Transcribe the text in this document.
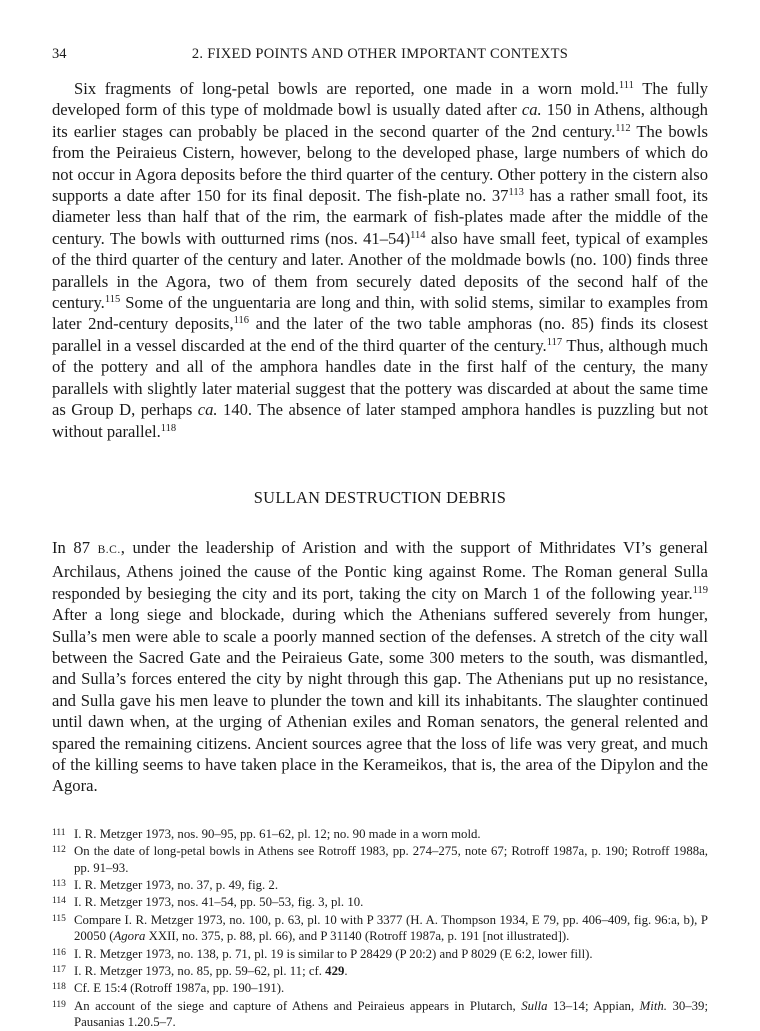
34	2. FIXED POINTS AND OTHER IMPORTANT CONTEXTS

Six fragments of long-petal bowls are reported, one made in a worn mold.$^{111}$ The fully developed form of this type of moldmade bowl is usually dated after ca. 150 in Athens, although its earlier stages can probably be placed in the second quarter of the 2nd century.$^{112}$ The bowls from the Peiraieus Cistern, however, belong to the developed phase, large numbers of which do not occur in Agora deposits before the third quarter of the century. Other pottery in the cistern also supports a date after 150 for its final deposit. The fish-plate no. $37^{113}$ has a rather small foot, its diameter less than half that of the rim, the earmark of fish-plates made after the middle of the century. The bowls with outturned rims (nos. 41–54)$^{114}$ also have small feet, typical of examples of the third quarter of the century and later. Another of the moldmade bowls (no. 100) finds three parallels in the Agora, two of them from securely dated deposits of the second half of the century.$^{115}$ Some of the unguentaria are long and thin, with solid stems, similar to examples from later 2nd-century deposits,$^{116}$ and the later of the two table amphoras (no. 85) finds its closest parallel in a vessel discarded at the end of the third quarter of the century.$^{117}$ Thus, although much of the pottery and all of the amphora handles date in the first half of the century, the many parallels with slightly later material suggest that the pottery was discarded at about the same time as Group D, perhaps ca. 140. The absence of later stamped amphora handles is puzzling but not without parallel.$^{118}$

SULLAN DESTRUCTION DEBRIS

In 87 B.C., under the leadership of Aristion and with the support of Mithridates VI’s general Archilaus, Athens joined the cause of the Pontic king against Rome. The Roman general Sulla responded by besieging the city and its port, taking the city on March 1 of the following year.$^{119}$ After a long siege and blockade, during which the Athenians suffered severely from hunger, Sulla’s men were able to scale a poorly manned section of the defenses. A stretch of the city wall between the Sacred Gate and the Peiraieus Gate, some 300 meters to the south, was dismantled, and Sulla’s forces entered the city by night through this gap. The Athenians put up no resistance, and Sulla gave his men leave to plunder the town and kill its inhabitants. The slaughter continued until dawn when, at the urging of Athenian exiles and Roman senators, the general relented and spared the remaining citizens. Ancient sources agree that the loss of life was very great, and much of the killing seems to have taken place in the Kerameikos, that is, the area of the Dipylon and the Agora.

111 I. R. Metzger 1973, nos. 90–95, pp. 61–62, pl. 12; no. 90 made in a worn mold.
112 On the date of long-petal bowls in Athens see Rotroff 1983, pp. 274–275, note 67; Rotroff 1987a, p. 190; Rotroff 1988a, pp. 91–93.
113 I. R. Metzger 1973, no. 37, p. 49, fig. 2.
114 I. R. Metzger 1973, nos. 41–54, pp. 50–53, fig. 3, pl. 10.
115 Compare I. R. Metzger 1973, no. 100, p. 63, pl. 10 with P 3377 (H. A. Thompson 1934, E 79, pp. 406–409, fig. 96:a, b), P 20050 (Agora XXII, no. 375, p. 88, pl. 66), and P 31140 (Rotroff 1987a, p. 191 [not illustrated]).
116 I. R. Metzger 1973, no. 138, p. 71, pl. 19 is similar to P 28429 (P 20:2) and P 8029 (E 6:2, lower fill).
117 I. R. Metzger 1973, no. 85, pp. 59–62, pl. 11; cf. 429.
118 Cf. E 15:4 (Rotroff 1987a, pp. 190–191).
119 An account of the siege and capture of Athens and Peiraieus appears in Plutarch, Sulla 13–14; Appian, Mith. 30–39; Pausanias 1.20.5–7.
